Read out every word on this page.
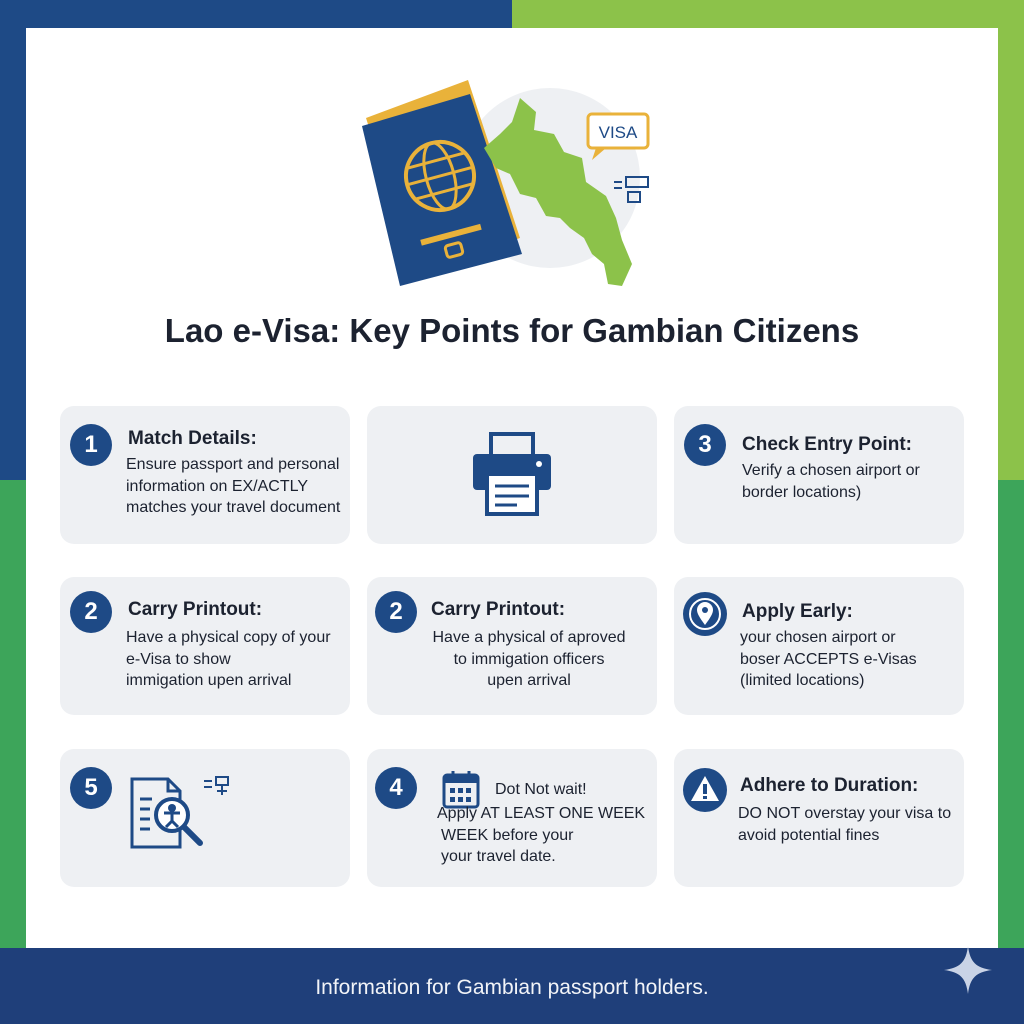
VISA
Lao e-Visa: Key Points for Gambian Citizens
1	Match Details:
Ensure passport and personal
information on EX/ACTLY
matches your travel document
3	Check Entry Point:
Verify a chosen airport or
border locations)
2	Carry Printout:
Have a physical copy of your
e-Visa to show
immigation upen arrival
2	Carry Printout:
Have a physical of aproved
to immigation officers
upen arrival
Apply Early:
your chosen airport or
boser ACCEPTS e-Visas
(limited locations)
5	4	Dot Not wait!
Apply AT LEAST ONE WEEK
WEEK before your
your travel date.
Adhere to Duration:
DO NOT overstay your visa to
avoid potential fines
Information for Gambian passport holders.
